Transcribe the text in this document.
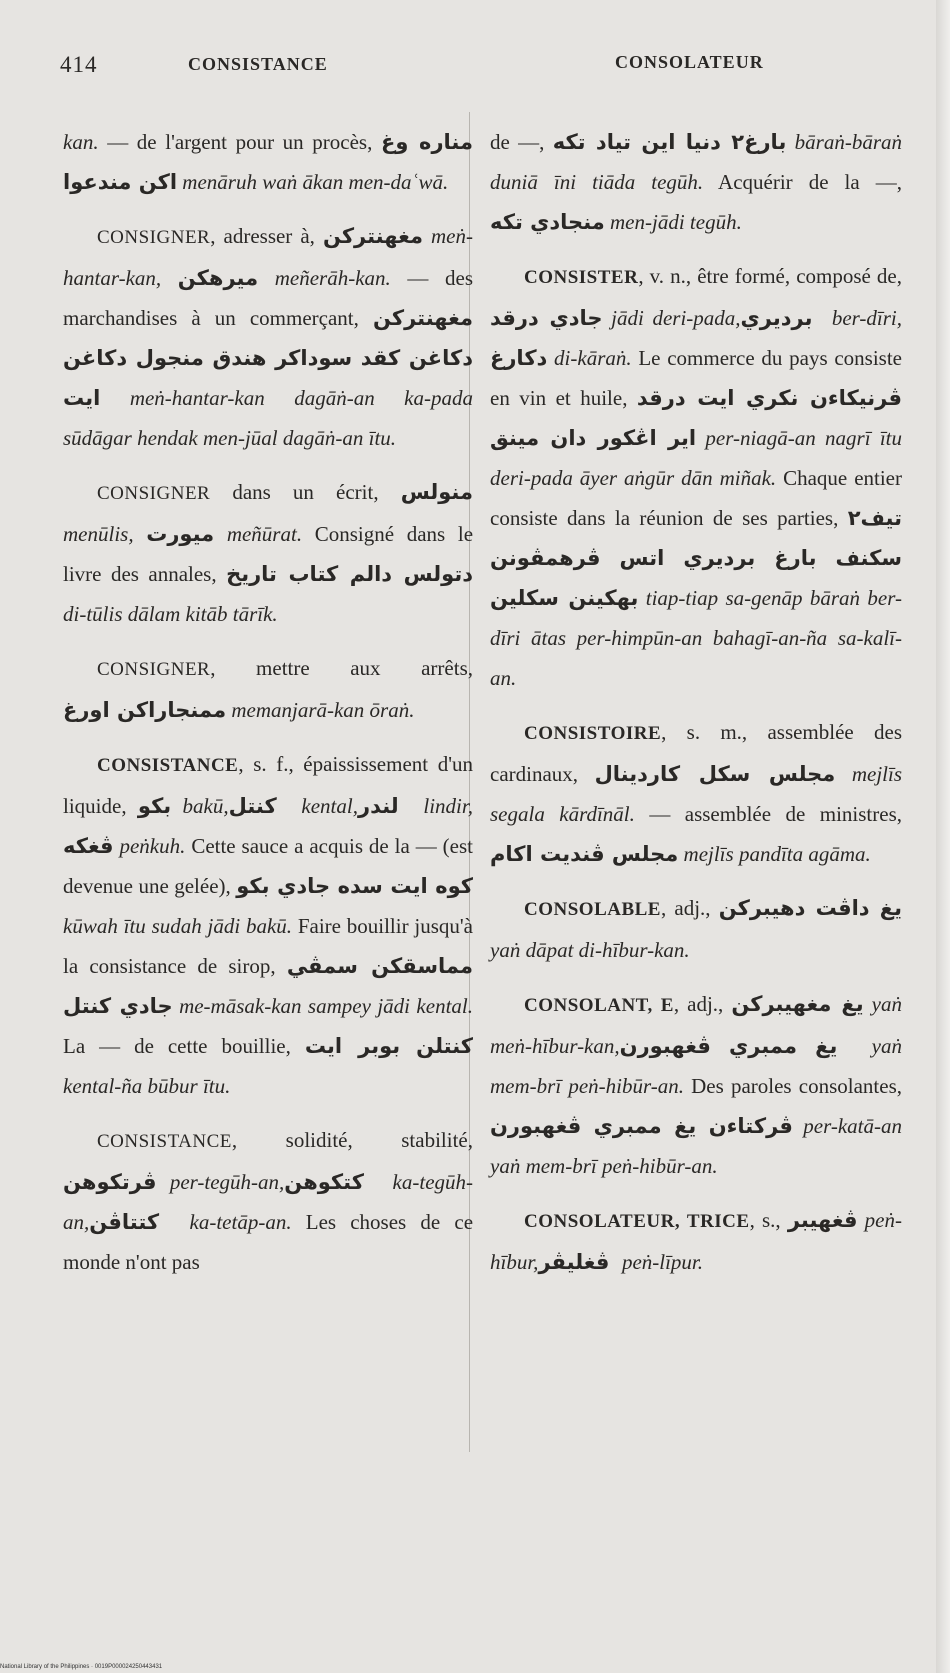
414	CONSISTANCE	CONSOLATEUR

kan. — de l'argent pour un procès, مناره وغ اكن مندعوا menāruh waṅ ākan men-daʿwā.

CONSIGNER, adresser à, مغهنتركن meṅ-hantar-kan, ميرهكن meñerāh-kan. — des marchandises à un commerçant, مغهنتركن دكاغن كقد سوداكر هندق منجول دكاغن ايت meṅ-hantar-kan dagāṅ-an ka-pada sūdāgar hendak men-jūal dagāṅ-an ītu.

CONSIGNER dans un écrit, منولس menūlis, ميورت meñūrat. Consigné dans le livre des annales, دتولس دالم كتاب تاريخ di-tūlis dālam kitāb tārīk.

CONSIGNER, mettre aux arrêts, ممنجاراكن اورغ memanjarā-kan ōraṅ.

CONSISTANCE, s. f., épaississement d'un liquide, بكو bakū, كنتل kental, لندر lindir, ڤغكه peṅkuh. Cette sauce a acquis de la — (est devenue une gelée), كوه ايت سده جادي بكو kūwah ītu sudah jādi bakū. Faire bouillir jusqu'à la consistance de sirop, مماسقكن سمڤي جادي كنتل me-māsak-kan sampey jādi kental. La — de cette bouillie, كنتلن بوبر ايت kental-ña būbur ītu.

CONSISTANCE, solidité, stabilité, ڤرتكوهن per-tegūh-an, كتكوهن ka-tegūh-an, كتتاڤن ka-tetāp-an. Les choses de ce monde n'ont pas

de —, بارغ۲ دنيا اين تياد تكه bāraṅ-bāraṅ duniā īni tiāda tegūh. Acquérir de la —, منجادي تكه men-jādi tegūh.

CONSISTER, v. n., être formé, composé de, جادي درقد jādi deri-pada, برديري ber-dīri, دكارغ di-kāraṅ. Le commerce du pays consiste en vin et huile, ڤرنيكاءن نكري ايت درقد اير اڠكور دان مينق per-niagā-an nagrī ītu deri-pada āyer aṅgūr dān miñak. Chaque entier consiste dans la réunion de ses parties, تيف۲ سكنف بارغ برديري اتس ڤرهمڤونن بهكينن سكلين tiap-tiap sa-genāp bāraṅ ber-dīri ātas per-himpūn-an bahagī-an-ña sa-kalī-an.

CONSISTOIRE, s. m., assemblée des cardinaux, مجلس سكل كاردينال mejlīs segala kārdīnāl. — assemblée de ministres, مجلس ڤنديت اكام mejlīs pandīta agāma.

CONSOLABLE, adj., يغ داڤت دهيبركن yaṅ dāpat di-hībur-kan.

CONSOLANT, E, adj., يغ مغهيبركن yaṅ meṅ-hībur-kan, يغ ممبري ڤغهبورن yaṅ mem-brī peṅ-hibūr-an. Des paroles consolantes, ڤركتاءن يغ ممبري ڤغهبورن per-katā-an yaṅ mem-brī peṅ-hibūr-an.

CONSOLATEUR, TRICE, s., ڤغهيبر peṅ-hībur, ڤغليڤر peṅ-līpur.

National Library of the Philippines · 0019P000024250443431
